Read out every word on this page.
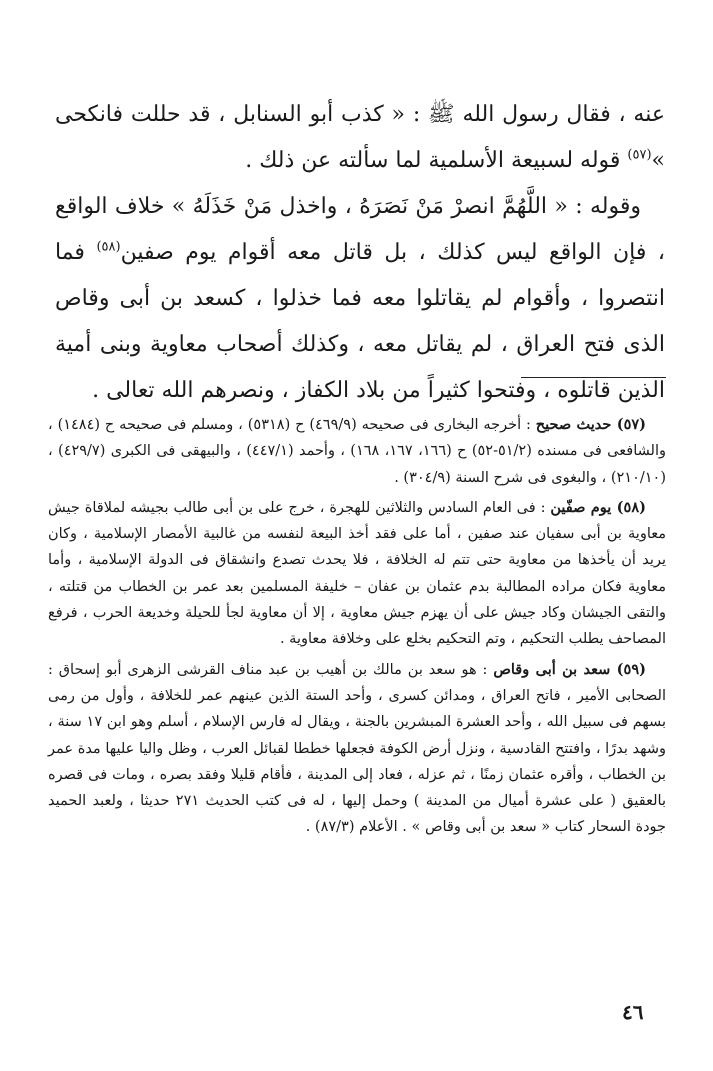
عنه ، فقال رسول الله ﷺ : « كذب أبو السنابل ، قد حللت فانكحى »$^{(٥٧)}$ قوله لسبيعة الأسلمية لما سألته عن ذلك .

وقوله : « اللَّهُمَّ انصرْ مَنْ نَصَرَهُ ، واخذل مَنْ خَذَلَهُ » خلاف الواقع ، فإن الواقع ليس كذلك ، بل قاتل معه أقوام يوم صفين$^{(٥٨)}$ فما انتصروا ، وأقوام لم يقاتلوا معه فما خذلوا ، كسعد بن أبى وقاص الذى فتح العراق ، لم يقاتل معه ، وكذلك أصحاب معاوية وبنى أمية الذين قاتلوه ، وفتحوا كثيراً من بلاد الكفاز ، ونصرهم الله تعالى .

(٥٧) حديث صحيح : أخرجه البخارى فى صحيحه (٤٦٩/٩) ح (٥٣١٨) ، ومسلم فى صحيحه ح (١٤٨٤) ، والشافعى فى مسنده (٥١/٢-٥٢) ح (١٦٦، ١٦٧، ١٦٨) ، وأحمد (٤٤٧/١) ، والبيهقى فى الكبرى (٤٢٩/٧) ، (٢١٠/١٠) ، والبغوى فى شرح السنة (٣٠٤/٩) .

(٥٨) يوم صفّين : فى العام السادس والثلاثين للهجرة ، خرج على بن أبى طالب بجيشه لملاقاة جيش معاوية بن أبى سفيان عند صفين ، أما على فقد أخذ البيعة لنفسه من غالبية الأمصار الإسلامية ، وكان يريد أن يأخذها من معاوية حتى تتم له الخلافة ، فلا يحدث تصدع وانشقاق فى الدولة الإسلامية ، وأما معاوية فكان مراده المطالبة بدم عثمان بن عفان – خليفة المسلمين بعد عمر بن الخطاب من قتلته ، والتقى الجيشان وكاد جيش على أن يهزم جيش معاوية ، إلا أن معاوية لجأ للحيلة وخديعة الحرب ، فرفع المصاحف يطلب التحكيم ، وتم التحكيم بخلع على وخلافة معاوية .

(٥٩) سعد بن أبى وقاص : هو سعد بن مالك بن أهيب بن عبد مناف القرشى الزهرى أبو إسحاق : الصحابى الأمير ، فاتح العراق ، ومدائن كسرى ، وأحد الستة الذين عينهم عمر للخلافة ، وأول من رمى بسهم فى سبيل الله ، وأحد العشرة المبشرين بالجنة ، ويقال له فارس الإسلام ، أسلم وهو ابن ١٧ سنة ، وشهد بدرًا ، وافتتح القادسية ، ونزل أرض الكوفة فجعلها خططا لقبائل العرب ، وظل واليا عليها مدة عمر بن الخطاب ، وأقره عثمان زمنًا ، ثم عزله ، فعاد إلى المدينة ، فأقام قليلا وفقد بصره ، ومات فى قصره بالعقيق ( على عشرة أميال من المدينة ) وحمل إليها ، له فى كتب الحديث ٢٧١ حديثا ، ولعبد الحميد جودة السحار كتاب « سعد بن أبى وقاص » . الأعلام (٨٧/٣) .

٤٦
